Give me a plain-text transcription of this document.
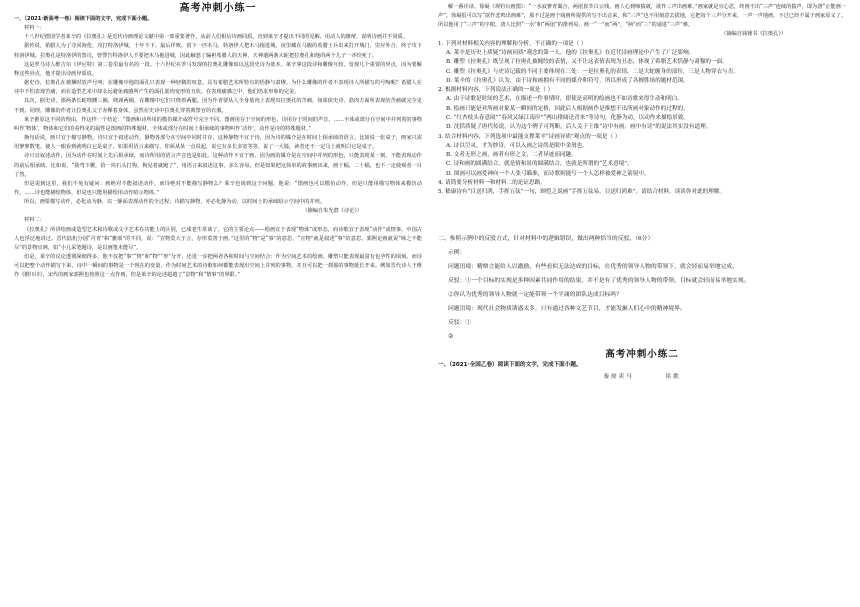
高考冲刺小练一

一、（2021·新高考一卷）阅读下面的文字，完成下面小题。

材料一：

十八世纪德国学者莱辛的《拉奥孔》是近代诗画理论文献中第一部重要著作，从前人们相信诗画同质，直到莱辛才提出不同的见解，用动人的雄辩，说明诗画并不同质。

据传说，希腊人为了夺回海伦，攻打特洛伊城，十年不下。最后佯败，留下一匹木马，特洛伊人把木马拖进城，夜里藏在马腹的希腊士兵出来打开城门，里应外合，终于攻下特洛伊城。拉奥孔是特洛伊的祭司，曾警告特洛伊人不要把木马拖进城，因此触怒了偏袒希腊人的天神。天神遣两条大蛇把拉奥孔和他的两个儿子一齐绞死了。

这是罗马诗人维吉尔《伊尼特》第二卷里最有名的一段。十六世纪在罗马发现的拉奥孔雕像似以这段史诗为蓝本。莱辛拿这段诗和雕像互较，发现几个重要的异点，因为要解释这些异点，他才提出诗画异质说。

据史诗，拉奥孔在被捆时放声号叫；在雕像中他的面孔只表现一种轻微的叹息，具有希腊艺术所特有的恬静与肃穆。为什么雕像的作者不表现诗人所描写的号啕呢？希腊人在诗中不怕表现苦痛，而在造型艺术中却永远避免痛感所产生的面孔筋肉变形的丑状。在表现痛感之中，他们仍求形象的完美。

其次，据史诗，那两条长蛇绕腰三圈，绕颈两圈，在雕像中它们只绕着两腿。因为作者要从人全身筋肉上表现出拉奥孔的苦痛，如果依史诗，筋肉方面所表现的苦痛就完全见不到。同理，雕像的作者让拉奥孔父子赤裸着身体，虽然在史诗中拉奥孔穿着典祭官的衣服。

莱辛推原这不同的理由，作这样一个结论：“图画和诗所用的模仿媒介或符号完全不同，图画用存于空间的形色，诗用存于时间的声音。……全体或部分在空间中并列着的事物叫作‘物体’，物体和它们的看得见的属性是图画的特殊题材，全体或部分在时间上相承续的事物叫作‘动作’，动作是诗的特殊题材。”

换句话说，画只宜于描写静物，诗只宜于叙述动作。静物各部分在空间中同时并存，这种静物不宜于诗，因为诗的媒介是在时间上相承续的语言。比如说一张桌子，画家只需用寥寥数笔，使人一眼看到就明白它是桌子。如果用语言来描写，你须从某一点说起，说它有多长多宽等等，说了一大篇，读者还不一定马上就明白它是桌子。

诗只宜叙述动作，因为动作在时间上先后相承续，而诗所用的语言声音也是如此。这种动作不宜于画，因为画的媒介是在空间中并列的形色，只能表现某一刻，不能表现动作的前后相承续。比如说，“我弯下腰，拾一块石头打狗，狗见着就跑了”，用语言来叙述这事，多么容易，但是如果把这简单的故事画出来，画十幅，二十幅，也不一定使观者一目了然。

但是说到这里，我们不免有疑问：画绝对不能叙述动作，而诗绝对不能描写静物么？莱辛也谈到这个问题，他说：“图画也可以模仿动作，但是只能用描写物体来模仿动作。……诗也能描绘物体，但是也只能用描绘用动作暗示物体。”

所以，画要描写动作，必化动为静，以一静面表现动作的全过程；诗描写静物，亦必化静为动，以时间上的承续暗示空间中的并列。

（摘编自朱光潜《诗论》）

材料二：

《拉奥孔》所讲绘画或造型艺术和诗歌或文字艺术在功能上的区别，已成老生常谈了。它的主要论点——绘画宜于表现“物体”或形态，而诗歌宜于表现“动作”或情事，中国古人也浮泛地讲过。晋代陆机分别“丹青”和“雅颂”的不同，说：“宣物莫大于言，存形莫善于画。”这里的“物”是“事”的意思，“宣物”就是叙述“事”的意思。郭熙论画就说“咏之不能尽”的景物宜画，如“小儿采笔题诗，是以画笔未能尽”。

但是，莱辛的议论透彻深细得多，他不仅把“事”“情”和“物”“形”分开，还进一步把两者各和时间与空间结合：作为空间艺术的绘画、雕塑只能表现最富有包孕性的顷刻，而诗可以把整个动作描写下来，诗中一瞬间的事物是一个现在的变量，作为时间艺术的诗歌如何都能表现出空间上并列的事物，并且可以把一刹那的事物延长开来。例如晋代诗人王维作《辋川诗》，宋代的画家郭熙也按照这一点作画，但是莱辛的论述超越了“景物”和“情事”的界限。”

解一番诠译。徐凝《观钓台画图》：“一水寂寥青霭合，两崖崔萃白云残。画人心到啼猿破，欲作三声出画难。”画家就是宜心思，终画不出“三声”连续的猿声，即为唐“止能画一声”。徐凝很可以写“欲作悲鸣出画难”，那不过是画个阅画所提供的写不出音来，和“三声”也不用刻意去拔地，它把每个三声分开来，一声一声地画，不过已经不属于画家原义了。所以他用了“三声”的字眼，唐人比照“一水”和“两崖”的排列易，画一“一”而“两”，“两”而“三”的递进“三声”难。

（摘编自钱锺书《拉奥孔》）

1. 下列对材料相关内容的理解和分析，不正确的一项是（ ）

A. 莱辛是历史上质疑“诗画同质”观念的第一人，他的《拉奥孔》在近代诗画理论中产生了广泛影响。

B. 雕塑《拉奥孔》既呈现了拉奥孔被缠绞的表情，又不让这表情表现为丑态，体现了希腊艺术恬静与肃穆的一面。

C. 雕塑《拉奥孔》与史诗记载的不同主要体现在三处：一是拉奥孔的表情，二是大蛇缠身的部位，三是人物穿衣与否。

D. 莱辛的《拉奥孔》认为，由于诗和画拥有不同的媒介和符号，所以形成了各擅胜场的题材范围。

2. 根据材料内容，下列说法正确的一项是（ ）

A. 由于诗歌是时间的艺术，在描述一件事情时，即使是高明的绘画也不如诗歌来得生动和明白。

B. 绘画只能是对所画对象某一瞬间的定格，因此后人根据画作是推想不出所画对象动作的过程的。

C. “红杏枝头春意闹”“春风又绿江南岸”“两山排闼送青来”等诗句，化静为动，以动作来描绘景致。

D. 沈括质疑了唐代传说，认为这个例子可判断，后人关于王维“诗中有画，画中有诗”的说法其实没有道理。

3. 结合材料内容，下列选项中最能支撑莱辛“诗画异质”观点的一项是（ ）

A. 诗以空灵，才为妙诗，可以入画之诗尚是眼中金屑也。

B. 文者无形之画，画者有形之文，二者异迹而同趣。

C. 诗和画的圆满结合，就是情和景的圆满结合，也就是所谓的“艺术意境”。

D. 图画可以画爱神向一个人张弓瞄准，而诗歌则能写一个人怎样被爱神之箭射中。

4. 请简要分析材料一和材料二的论证思路。

5. 嵇康诗有“目送归鸿，手挥五弦”一句，顾恺之说画“手挥五弦易，目送归鸿难”。请结合材料，谈谈你对此的理解。

二、参照示例中的反驳方式，针对材料中的逻辑错误，做出两种恰当的反驳。（6分）

示例：

问题语境：精辩言能给人以激励，有些看似无法达成的目标，在优秀的领导人物的带领下，就会轻而易举地完成。

反驳：①一个目标的实现是多种因素共同作用的结果，并不是有了优秀的领导人物的带领，目标就会轻而易举地实现。

②你认为优秀的领导人物就一定能带领一个平庸的团队达成目标吗？

问题语境：现代社会物质诱惑太多，只有通过各种文艺节目，才能发掘人们心中的精神境界。

反驳：①

②

高考冲刺小练二

一、（2021·全国乙卷）阅读下面的文字，完成下面小题。

秦琼卖马	谈歌
